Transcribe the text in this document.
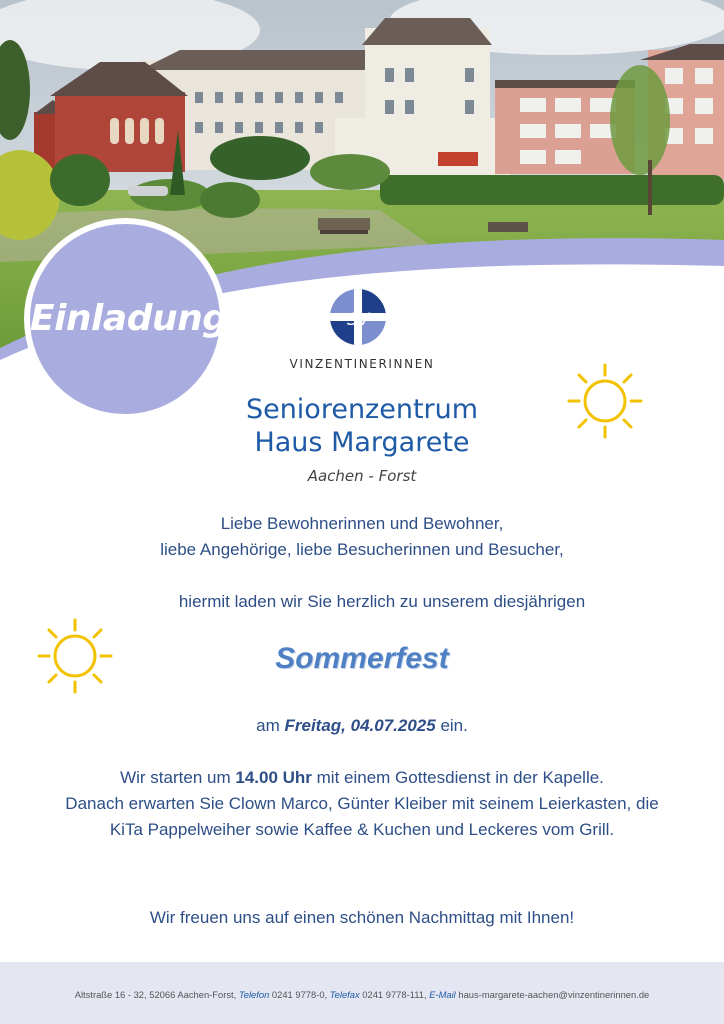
Einladung	SV
VINZENTINERINNEN
Seniorenzentrum
Haus Margarete
Aachen - Forst
Liebe Bewohnerinnen und Bewohner,
liebe Angehörige, liebe Besucherinnen und Besucher,
hiermit laden wir Sie herzlich zu unserem diesjährigen
Sommerfest
am Freitag, 04.07.2025 ein.
Wir starten um 14.00 Uhr mit einem Gottesdienst in der Kapelle.
Danach erwarten Sie Clown Marco, Günter Kleiber mit seinem Leierkasten, die KiTa Pappelweiher sowie Kaffee & Kuchen und Leckeres vom Grill.
Wir freuen uns auf einen schönen Nachmittag mit Ihnen!
Altstraße 16 - 32, 52066 Aachen-Forst, Telefon 0241 9778-0, Telefax 0241 9778-111, E-Mail haus-margarete-aachen@vinzentinerinnen.de
